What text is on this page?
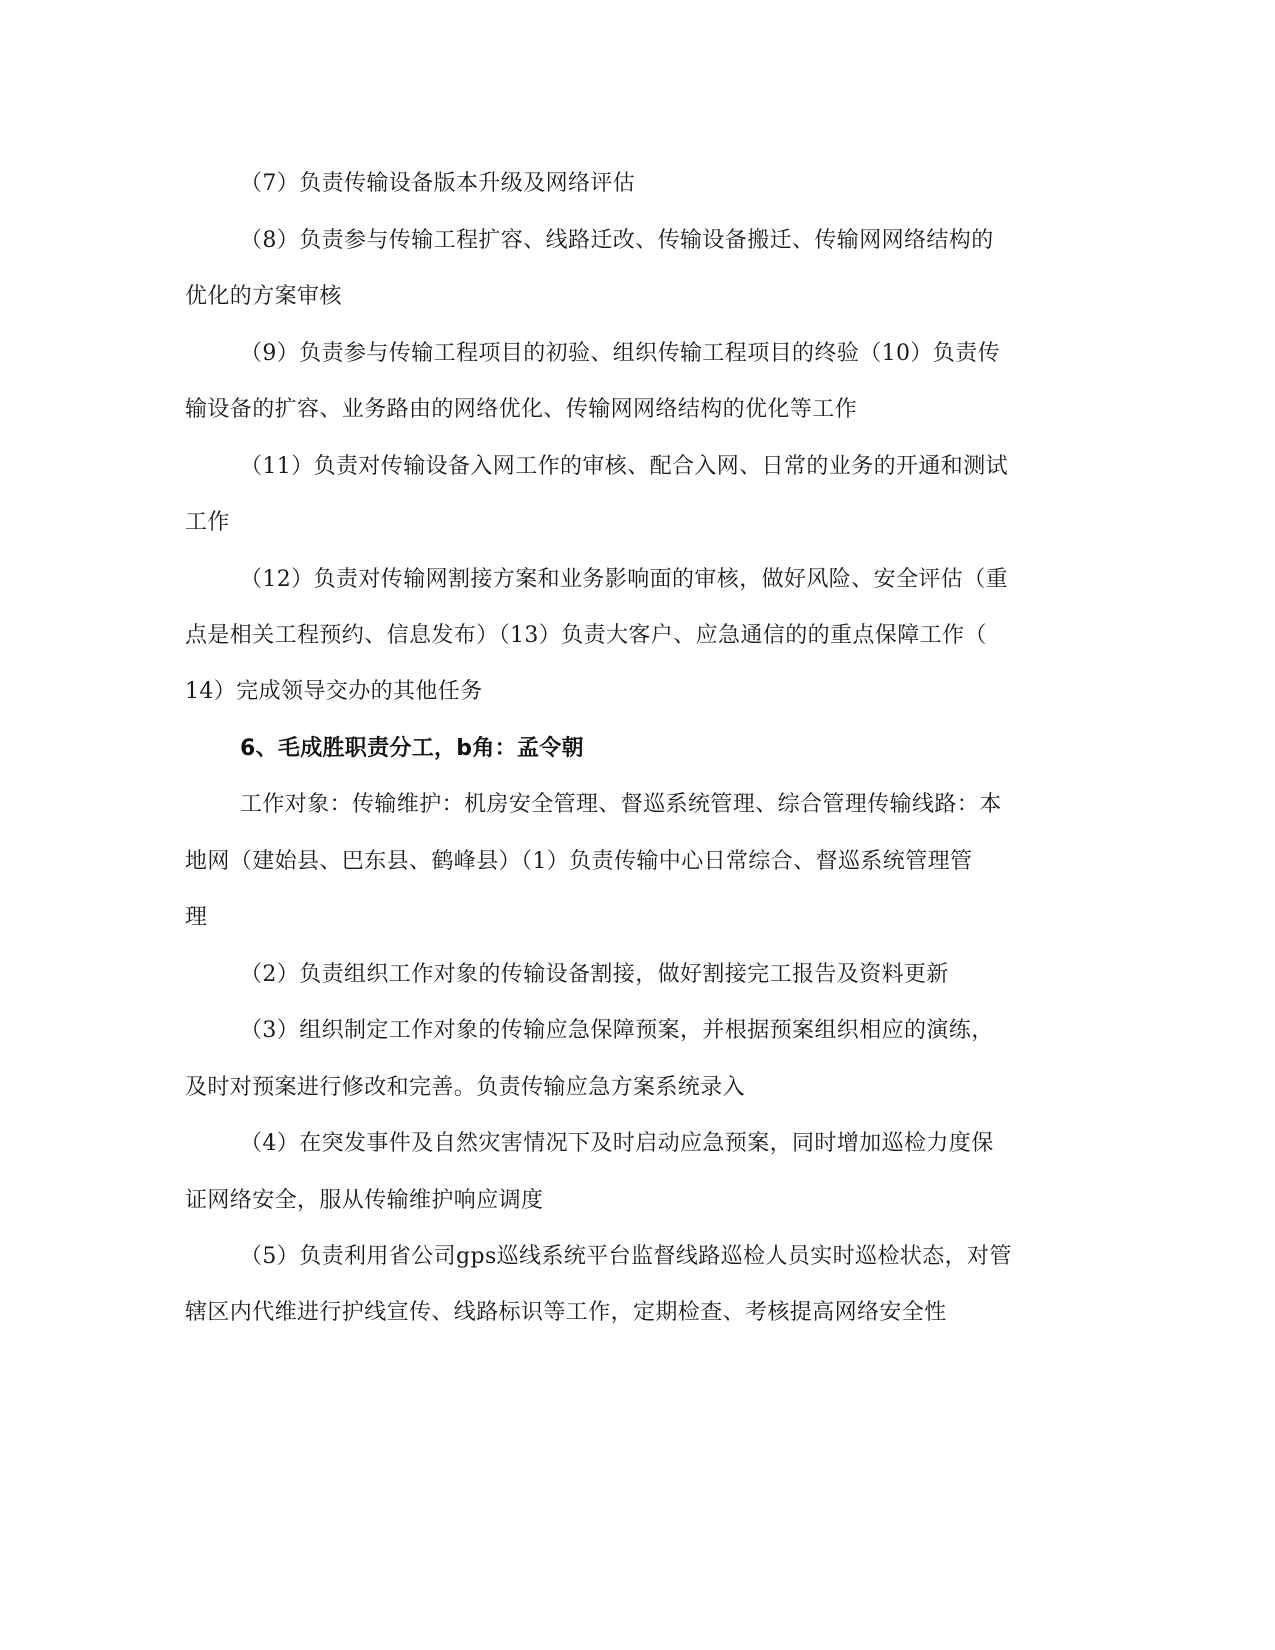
（7）负责传输设备版本升级及网络评估
（8）负责参与传输工程扩容、线路迁改、传输设备搬迁、传输网网络结构的
优化的方案审核
（9）负责参与传输工程项目的初验、组织传输工程项目的终验（10）负责传
输设备的扩容、业务路由的网络优化、传输网网络结构的优化等工作
（11）负责对传输设备入网工作的审核、配合入网、日常的业务的开通和测试
工作
（12）负责对传输网割接方案和业务影响面的审核，做好风险、安全评估（重
点是相关工程预约、信息发布）（13）负责大客户、应急通信的的重点保障工作（
14）完成领导交办的其他任务
6、毛成胜职责分工，b角：孟令朝
工作对象：传输维护：机房安全管理、督巡系统管理、综合管理传输线路：本
地网（建始县、巴东县、鹤峰县）（1）负责传输中心日常综合、督巡系统管理管
理
（2）负责组织工作对象的传输设备割接，做好割接完工报告及资料更新
（3）组织制定工作对象的传输应急保障预案，并根据预案组织相应的演练，
及时对预案进行修改和完善。负责传输应急方案系统录入
（4）在突发事件及自然灾害情况下及时启动应急预案，同时增加巡检力度保
证网络安全，服从传输维护响应调度
（5）负责利用省公司gps巡线系统平台监督线路巡检人员实时巡检状态，对管
辖区内代维进行护线宣传、线路标识等工作，定期检查、考核提高网络安全性
